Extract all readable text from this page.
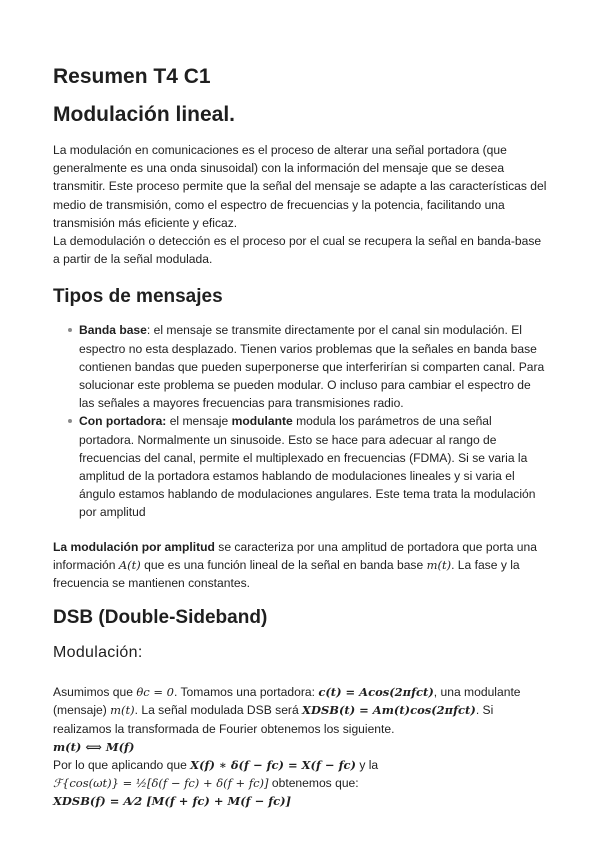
Resumen T4 C1
Modulación lineal.

La modulación en comunicaciones es el proceso de alterar una señal portadora (que generalmente es una onda sinusoidal) con la información del mensaje que se desea transmitir. Este proceso permite que la señal del mensaje se adapte a las características del medio de transmisión, como el espectro de frecuencias y la potencia, facilitando una transmisión más eficiente y eficaz.

La demodulación o detección es el proceso por el cual se recupera la señal en banda-base a partir de la señal modulada.

Tipos de mensajes
Banda base: el mensaje se transmite directamente por el canal sin modulación. El espectro no esta desplazado. Tienen varios problemas que la señales en banda base contienen bandas que pueden superponerse que interferirían si comparten canal. Para solucionar este problema se pueden modular. O incluso para cambiar el espectro de las señales a mayores frecuencias para transmisiones radio.
Con portadora: el mensaje modulante modula los parámetros de una señal portadora. Normalmente un sinusoide. Esto se hace para adecuar al rango de frecuencias del canal, permite el multiplexado en frecuencias (FDMA). Si se varia la amplitud de la portadora estamos hablando de modulaciones lineales y si varia el ángulo estamos hablando de modulaciones angulares. Este tema trata la modulación por amplitud

La modulación por amplitud se caracteriza por una amplitud de portadora que porta una información A(t) que es una función lineal de la señal en banda base m(t). La fase y la frecuencia se mantienen constantes.

DSB (Double-Sideband)
Modulación:

Asumimos que θc = 0. Tomamos una portadora: c(t) = Acos(2πfct), una modulante (mensaje) m(t). La señal modulada DSB será XDSB(t) = Am(t)cos(2πfct). Si realizamos la transformada de Fourier obtenemos los siguiente.

m(t) ⟺ M(f)

Por lo que aplicando que X(f) ∗ δ(f − fc) = X(f − fc) y la

ℱ{cos(ωt)} = ½[δ(f − fc) + δ(f + fc)] obtenemos que:

XDSB(f) = A⁄2 [M(f + fc) + M(f − fc)]
